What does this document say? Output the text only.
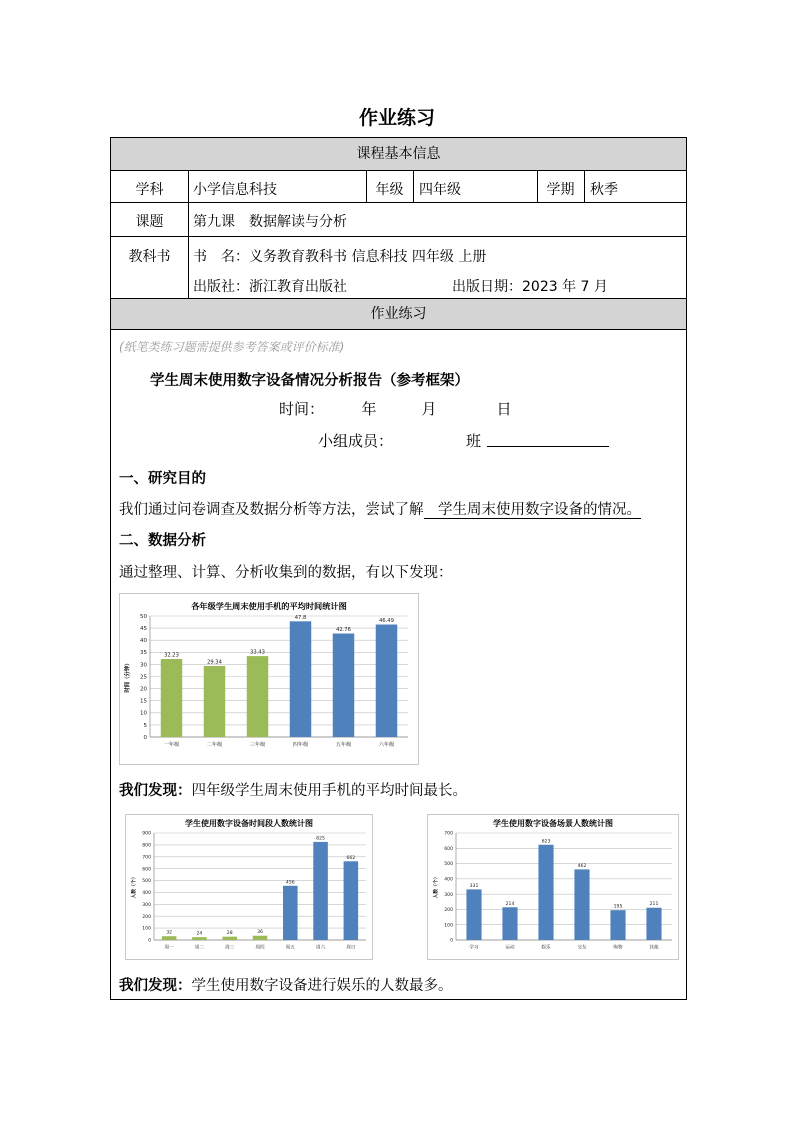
作业练习
课程基本信息
学科	小学信息科技	年级	四年级	学期	秋季
课题	第九课　数据解读与分析
教科书	书　名：义务教育教科书 信息科技 四年级 上册
出版社：浙江教育出版社	出版日期：2023 年 7 月
作业练习
(纸笔类练习题需提供参考答案或评价标准)
学生周末使用数字设备情况分析报告（参考框架）
时间：　　　年　　　月　　　　日
小组成员：	班
一、研究目的
我们通过问卷调查及数据分析等方法，尝试了解　学生周末使用数字设备的情况。
二、数据分析
通过整理、计算、分析收集到的数据，有以下发现：
各年级学生周末使用手机的平均时间统计图
0
5
10
15
20
25
30
35
40
45
50
时间（分钟）
32.23
一年级
29.34
二年级
33.43
三年级
47.8
四年级
42.76
五年级
46.49
六年级
我们发现：四年级学生周末使用手机的平均时间最长。
学生使用数字设备时间段人数统计图
0
100
200
300
400
500
600
700
800
900
人数（个）
32
周一
24
周二
28
周三
36
周四
456
周五
825
周六
662
周日
学生使用数字设备场景人数统计图
0
100
200
300
400
500
600
700
人数（个）	331
学习
214
运动
623
娱乐
462
交友
195
购物
211
其他
我们发现：学生使用数字设备进行娱乐的人数最多。
